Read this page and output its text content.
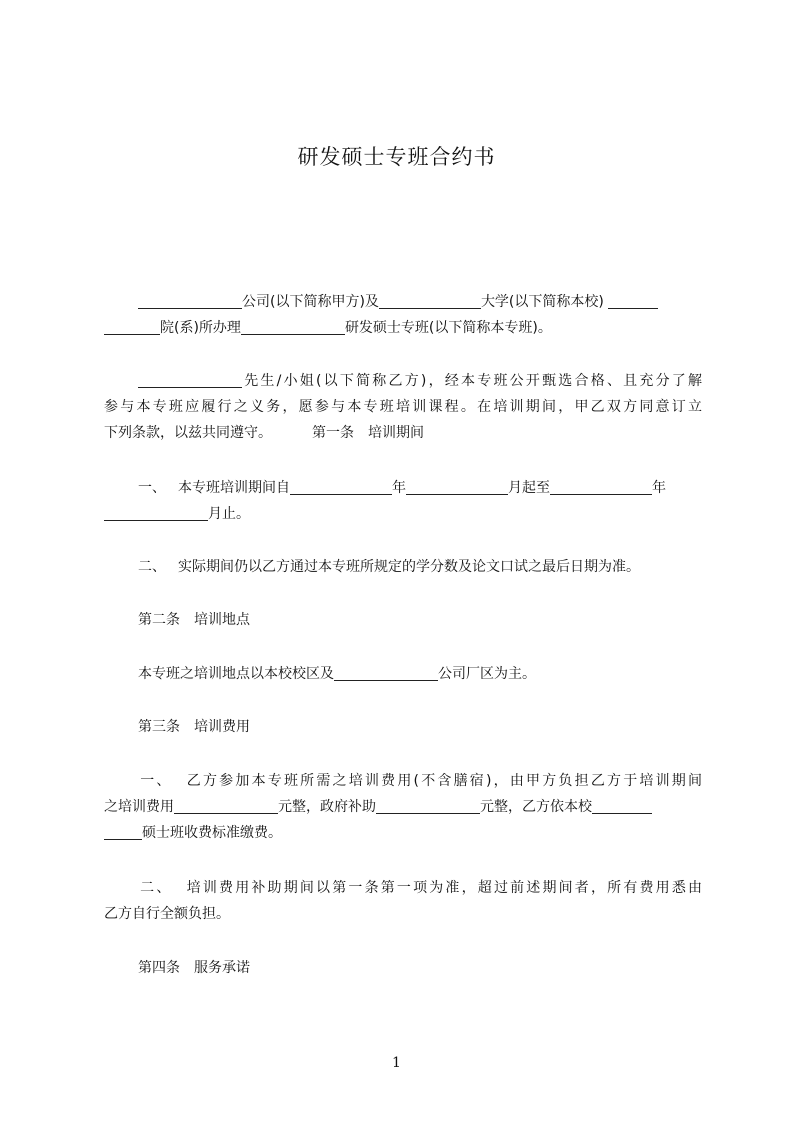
研发硕士专班合约书
公司(以下简称甲方)及	大学(以下简称本校)
院(系)所办理	研发硕士专班(以下简称本专班)。
先生/小姐(以下简称乙方)，经本专班公开甄选合格、且充分了解
参与本专班应履行之义务，愿参与本专班培训课程。在培训期间，甲乙双方同意订立
下列条款，以兹共同遵守。	第一条　培训期间
一、 本专班培训期间自	年	月起至	年
月止。
二、 实际期间仍以乙方通过本专班所规定的学分数及论文口试之最后日期为准。
第二条　培训地点
本专班之培训地点以本校校区及	公司厂区为主。
第三条　培训费用
一、 乙方参加本专班所需之培训费用(不含膳宿)，由甲方负担乙方于培训期间
之培训费用	元整，政府补助	元整，乙方依本校
硕士班收费标准缴费。
二、 培训费用补助期间以第一条第一项为准，超过前述期间者，所有费用悉由
乙方自行全额负担。
第四条　服务承诺
1
